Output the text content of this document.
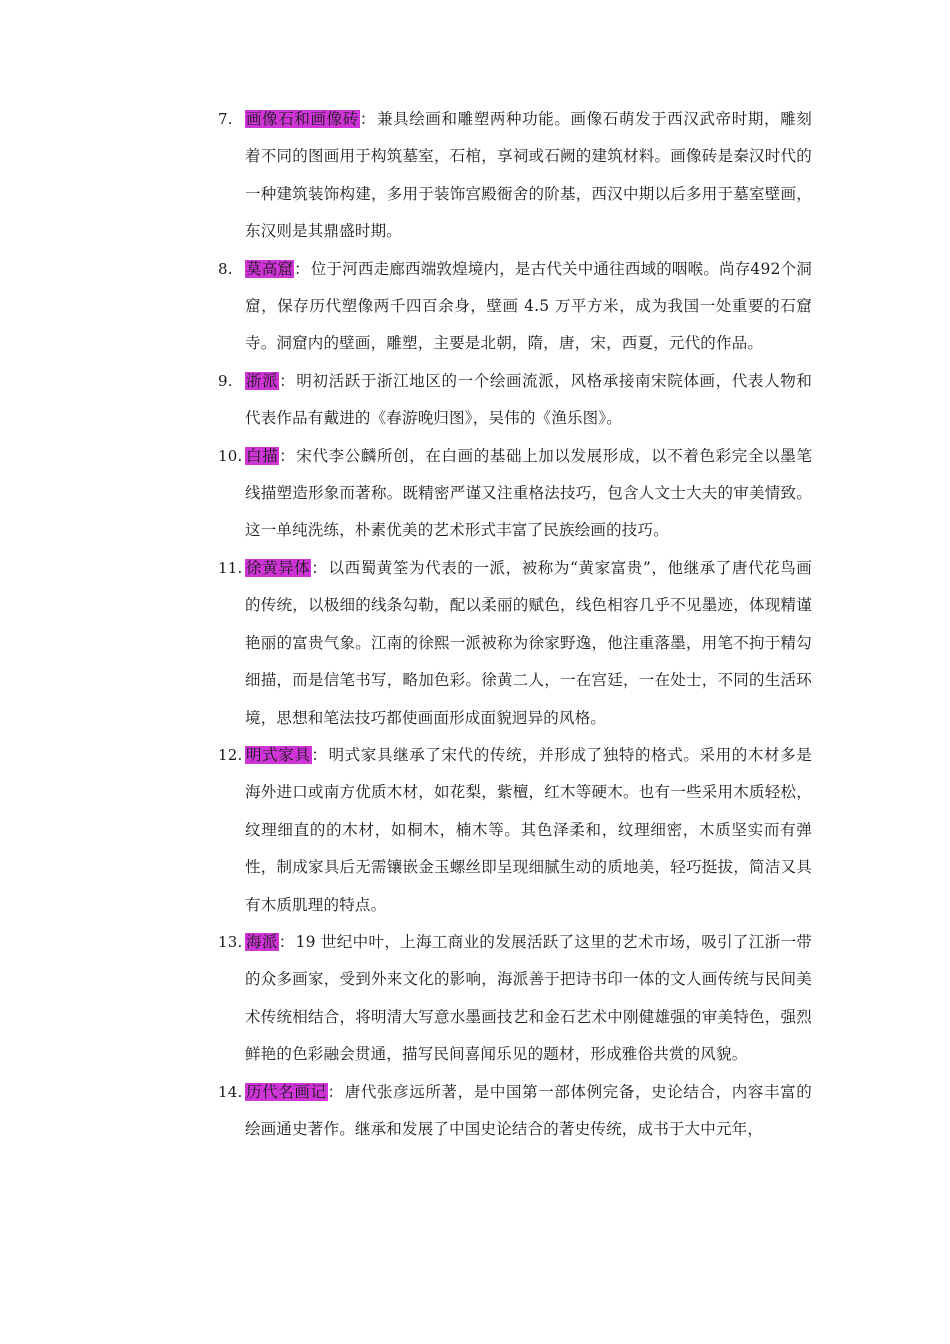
7. 画像石和画像砖：兼具绘画和雕塑两种功能。画像石萌发于西汉武帝时期，雕刻着不同的图画用于构筑墓室，石棺，享祠或石阙的建筑材料。画像砖是秦汉时代的一种建筑装饰构建，多用于装饰宫殿衙舍的阶基，西汉中期以后多用于墓室壁画，东汉则是其鼎盛时期。
8. 莫高窟：位于河西走廊西端敦煌境内，是古代关中通往西域的咽喉。尚存492个洞窟，保存历代塑像两千四百余身，壁画 4.5 万平方米，成为我国一处重要的石窟寺。洞窟内的壁画，雕塑，主要是北朝，隋，唐，宋，西夏，元代的作品。
9. 浙派：明初活跃于浙江地区的一个绘画流派，风格承接南宋院体画，代表人物和代表作品有戴进的《春游晚归图》，吴伟的《渔乐图》。
10. 白描：宋代李公麟所创，在白画的基础上加以发展形成，以不着色彩完全以墨笔线描塑造形象而著称。既精密严谨又注重格法技巧，包含人文士大夫的审美情致。这一单纯洗练，朴素优美的艺术形式丰富了民族绘画的技巧。
11. 徐黄异体：以西蜀黄筌为代表的一派，被称为“黄家富贵”，他继承了唐代花鸟画的传统，以极细的线条勾勒，配以柔丽的赋色，线色相容几乎不见墨迹，体现精谨艳丽的富贵气象。江南的徐熙一派被称为徐家野逸，他注重落墨，用笔不拘于精勾细描，而是信笔书写，略加色彩。徐黄二人，一在宫廷，一在处士，不同的生活环境，思想和笔法技巧都使画面形成面貌迥异的风格。
12. 明式家具：明式家具继承了宋代的传统，并形成了独特的格式。采用的木材多是海外进口或南方优质木材，如花梨，紫檀，红木等硬木。也有一些采用木质轻松，纹理细直的的木材，如桐木，楠木等。其色泽柔和，纹理细密，木质坚实而有弹性，制成家具后无需镶嵌金玉螺丝即呈现细腻生动的质地美，轻巧挺拔，简洁又具有木质肌理的特点。
13. 海派：19 世纪中叶，上海工商业的发展活跃了这里的艺术市场，吸引了江浙一带的众多画家，受到外来文化的影响，海派善于把诗书印一体的文人画传统与民间美术传统相结合，将明清大写意水墨画技艺和金石艺术中刚健雄强的审美特色，强烈鲜艳的色彩融会贯通，描写民间喜闻乐见的题材，形成雅俗共赏的风貌。
14. 历代名画记：唐代张彦远所著，是中国第一部体例完备，史论结合，内容丰富的绘画通史著作。继承和发展了中国史论结合的著史传统，成书于大中元年，
